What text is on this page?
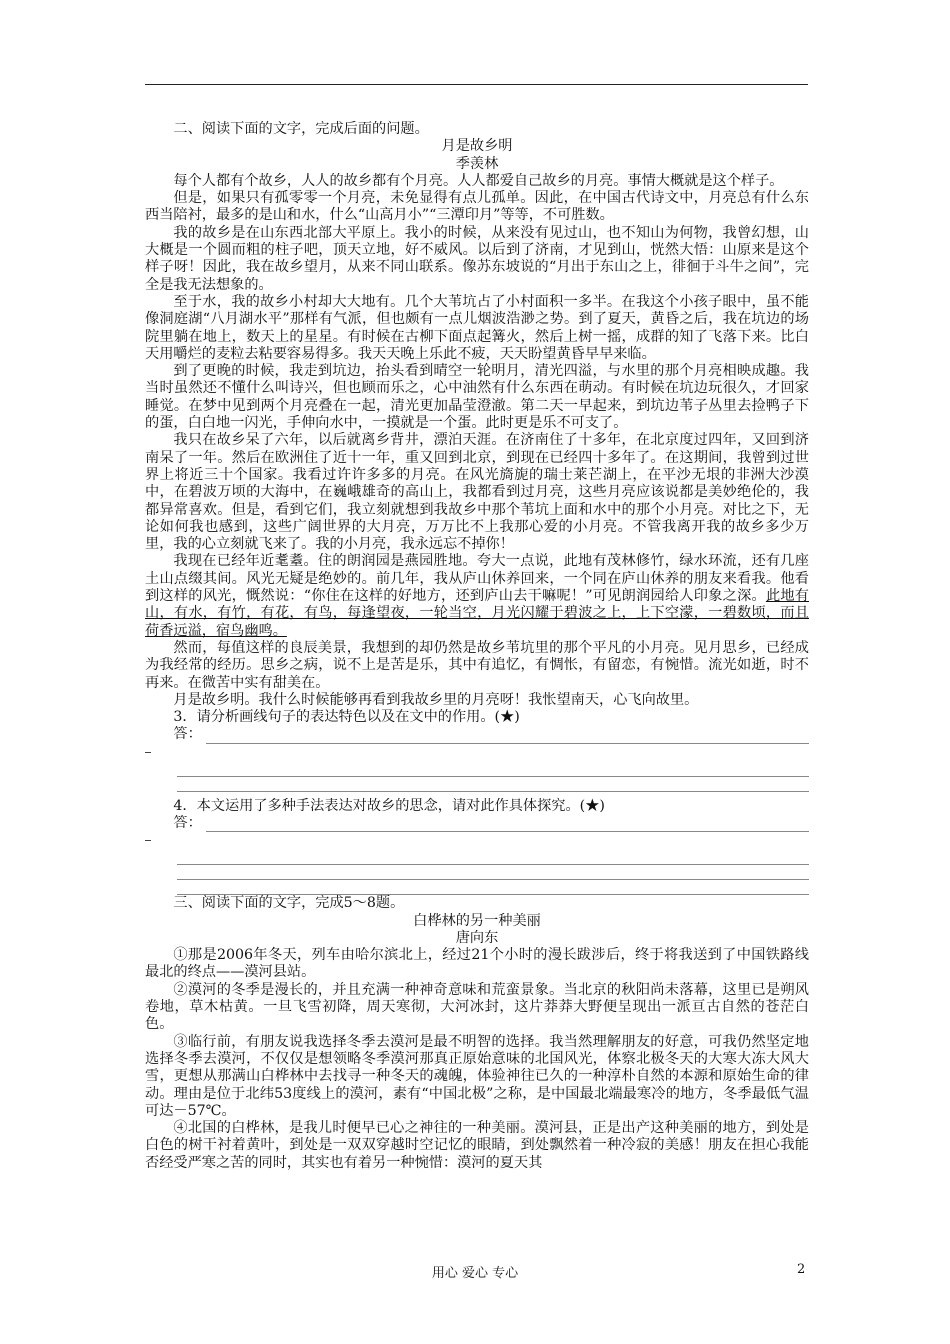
二、阅读下面的文字，完成后面的问题。

月是故乡明

季羡林

每个人都有个故乡，人人的故乡都有个月亮。人人都爱自己故乡的月亮。事情大概就是这个样子。

但是，如果只有孤零零一个月亮，未免显得有点儿孤单。因此，在中国古代诗文中，月亮总有什么东西当陪衬，最多的是山和水，什么“山高月小”“三潭印月”等等，不可胜数。

我的故乡是在山东西北部大平原上。我小的时候，从来没有见过山，也不知山为何物，我曾幻想，山大概是一个圆而粗的柱子吧，顶天立地，好不威风。以后到了济南，才见到山，恍然大悟：山原来是这个样子呀！因此，我在故乡望月，从来不同山联系。像苏东坡说的“月出于东山之上，徘徊于斗牛之间”，完全是我无法想象的。

至于水，我的故乡小村却大大地有。几个大苇坑占了小村面积一多半。在我这个小孩子眼中，虽不能像洞庭湖“八月湖水平”那样有气派，但也颇有一点儿烟波浩渺之势。到了夏天，黄昏之后，我在坑边的场院里躺在地上，数天上的星星。有时候在古柳下面点起篝火，然后上树一摇，成群的知了飞落下来。比白天用嚼烂的麦粒去粘要容易得多。我天天晚上乐此不疲，天天盼望黄昏早早来临。

到了更晚的时候，我走到坑边，抬头看到晴空一轮明月，清光四溢，与水里的那个月亮相映成趣。我当时虽然还不懂什么叫诗兴，但也顾而乐之，心中油然有什么东西在萌动。有时候在坑边玩很久，才回家睡觉。在梦中见到两个月亮叠在一起，清光更加晶莹澄澈。第二天一早起来，到坑边苇子丛里去捡鸭子下的蛋，白白地一闪光，手伸向水中，一摸就是一个蛋。此时更是乐不可支了。

我只在故乡呆了六年，以后就离乡背井，漂泊天涯。在济南住了十多年，在北京度过四年，又回到济南呆了一年。然后在欧洲住了近十一年，重又回到北京，到现在已经四十多年了。在这期间，我曾到过世界上将近三十个国家。我看过许许多多的月亮。在风光旖旎的瑞士莱芒湖上，在平沙无垠的非洲大沙漠中，在碧波万顷的大海中，在巍峨雄奇的高山上，我都看到过月亮，这些月亮应该说都是美妙绝伦的，我都异常喜欢。但是，看到它们，我立刻就想到我故乡中那个苇坑上面和水中的那个小月亮。对比之下，无论如何我也感到，这些广阔世界的大月亮，万万比不上我那心爱的小月亮。不管我离开我的故乡多少万里，我的心立刻就飞来了。我的小月亮，我永远忘不掉你！

我现在已经年近耄耋。住的朗润园是燕园胜地。夸大一点说，此地有茂林修竹，绿水环流，还有几座土山点缀其间。风光无疑是绝妙的。前几年，我从庐山休养回来，一个同在庐山休养的朋友来看我。他看到这样的风光，慨然说：“你住在这样的好地方，还到庐山去干嘛呢！”可见朗润园给人印象之深。此地有山，有水，有竹，有花，有鸟，每逢望夜，一轮当空，月光闪耀于碧波之上，上下空濛，一碧数顷，而且荷香远溢，宿鸟幽鸣。

然而，每值这样的良辰美景，我想到的却仍然是故乡苇坑里的那个平凡的小月亮。见月思乡，已经成为我经常的经历。思乡之病，说不上是苦是乐，其中有追忆，有惆怅，有留恋，有惋惜。流光如逝，时不再来。在微苦中实有甜美在。

月是故乡明。我什么时候能够再看到我故乡里的月亮呀！我怅望南天，心飞向故里。

3．请分析画线句子的表达特色以及在文中的作用。(★)

答：

4．本文运用了多种手法表达对故乡的思念，请对此作具体探究。(★)

答：

三、阅读下面的文字，完成5～8题。

白桦林的另一种美丽

唐向东

①那是2006年冬天，列车由哈尔滨北上，经过21个小时的漫长跋涉后，终于将我送到了中国铁路线最北的终点——漠河县站。

②漠河的冬季是漫长的，并且充满一种神奇意味和荒蛮景象。当北京的秋阳尚未落幕，这里已是朔风卷地，草木枯黄。一旦飞雪初降，周天寒彻，大河冰封，这片莽莽大野便呈现出一派亘古自然的苍茫白色。

③临行前，有朋友说我选择冬季去漠河是最不明智的选择。我当然理解朋友的好意，可我仍然坚定地选择冬季去漠河，不仅仅是想领略冬季漠河那真正原始意味的北国风光，体察北极冬天的大寒大冻大风大雪，更想从那满山白桦林中去找寻一种冬天的魂魄，体验神往已久的一种淳朴自然的本源和原始生命的律动。理由是位于北纬53度线上的漠河，素有“中国北极”之称，是中国最北端最寒冷的地方，冬季最低气温可达－57℃。

④北国的白桦林，是我儿时便早已心之神往的一种美丽。漠河县，正是出产这种美丽的地方，到处是白色的树干衬着黄叶，到处是一双双穿越时空记忆的眼睛，到处飘然着一种冷寂的美感！朋友在担心我能否经受严寒之苦的同时，其实也有着另一种惋惜：漠河的夏天其

用心 爱心 专心	2
